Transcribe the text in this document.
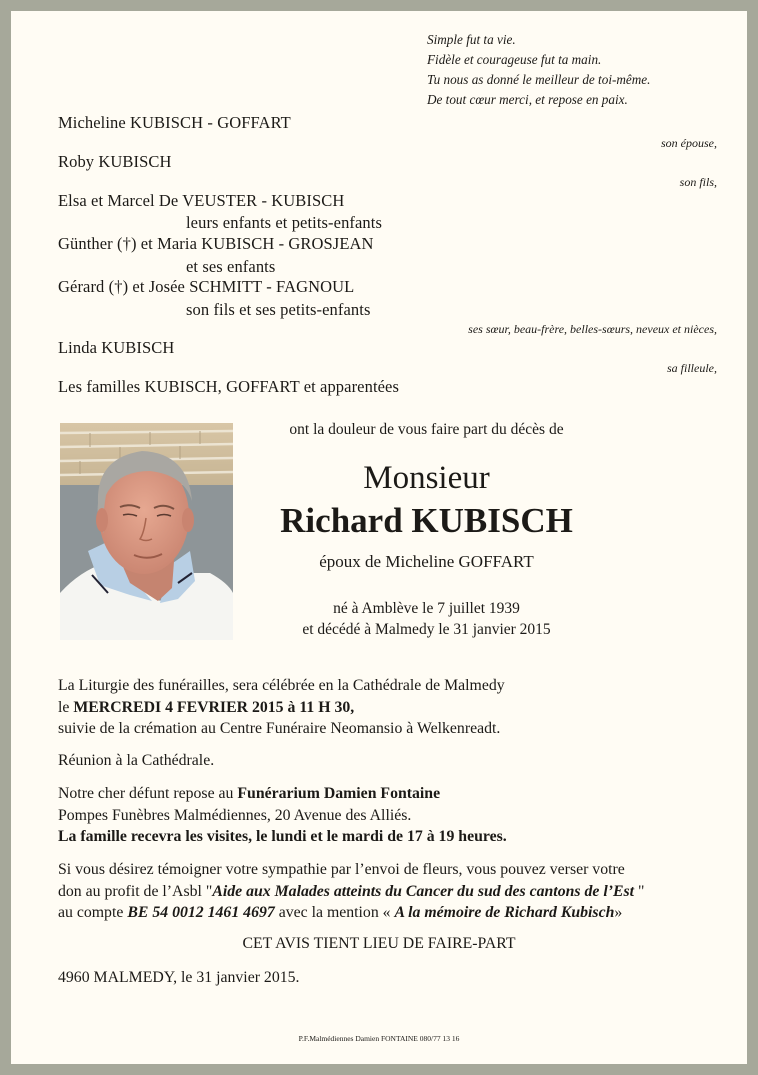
Simple fut ta vie.
Fidèle et courageuse fut ta main.
Tu nous as donné le meilleur de toi-même.
De tout cœur merci, et repose en paix.
Micheline KUBISCH - GOFFART
son épouse,
Roby KUBISCH
son fils,
Elsa et Marcel De VEUSTER - KUBISCH
leurs enfants et petits-enfants
Günther (†) et Maria KUBISCH - GROSJEAN
et ses enfants
Gérard (†) et Josée SCHMITT - FAGNOUL
son fils et ses petits-enfants
ses sœur, beau-frère, belles-sœurs, neveux et nièces,
Linda KUBISCH
sa filleule,
Les familles KUBISCH, GOFFART et apparentées
ont la douleur de vous faire part du décès de
Monsieur
Richard KUBISCH
époux de Micheline GOFFART
né à Amblève le 7 juillet 1939
et décédé à Malmedy le 31 janvier 2015
La Liturgie des funérailles, sera célébrée en la Cathédrale de Malmedy
le MERCREDI 4 FEVRIER 2015 à 11 H 30,
suivie de la crémation au Centre Funéraire Neomansio à Welkenreadt.
Réunion à la Cathédrale.
Notre cher défunt repose au Funérarium Damien Fontaine
Pompes Funèbres Malmédiennes, 20 Avenue des Alliés.
La famille recevra les visites, le lundi et le mardi de 17 à 19 heures.
Si vous désirez témoigner votre sympathie par l’envoi de fleurs, vous pouvez verser votre
don au profit de l’Asbl "Aide aux Malades atteints du Cancer du sud des cantons de l’Est "
au compte BE 54 0012 1461 4697 avec la mention « A la mémoire de Richard Kubisch»
CET AVIS TIENT LIEU DE FAIRE-PART
4960 MALMEDY, le 31 janvier 2015.
P.F.Malmédiennes Damien FONTAINE 080/77 13 16
